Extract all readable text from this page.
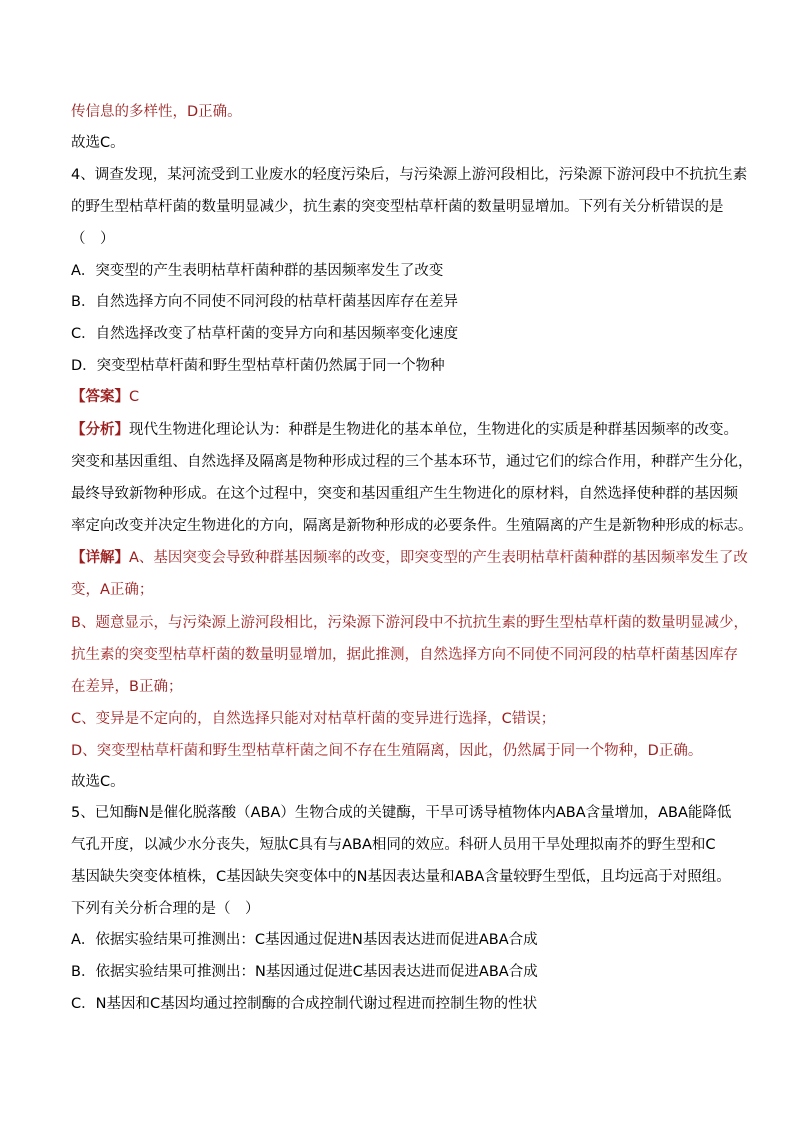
传信息的多样性，D正确。
故选C。
4、调查发现，某河流受到工业废水的轻度污染后，与污染源上游河段相比，污染源下游河段中不抗抗生素
的野生型枯草杆菌的数量明显减少，抗生素的突变型枯草杆菌的数量明显增加。下列有关分析错误的是
（　）
A．突变型的产生表明枯草杆菌种群的基因频率发生了改变
B．自然选择方向不同使不同河段的枯草杆菌基因库存在差异
C．自然选择改变了枯草杆菌的变异方向和基因频率变化速度
D．突变型枯草杆菌和野生型枯草杆菌仍然属于同一个物种
【答案】C
【分析】现代生物进化理论认为：种群是生物进化的基本单位，生物进化的实质是种群基因频率的改变。
突变和基因重组、自然选择及隔离是物种形成过程的三个基本环节，通过它们的综合作用，种群产生分化，
最终导致新物种形成。在这个过程中，突变和基因重组产生生物进化的原材料，自然选择使种群的基因频
率定向改变并决定生物进化的方向，隔离是新物种形成的必要条件。生殖隔离的产生是新物种形成的标志。
【详解】A、基因突变会导致种群基因频率的改变，即突变型的产生表明枯草杆菌种群的基因频率发生了改
变，A正确；
B、题意显示，与污染源上游河段相比，污染源下游河段中不抗抗生素的野生型枯草杆菌的数量明显减少，
抗生素的突变型枯草杆菌的数量明显增加，据此推测，自然选择方向不同使不同河段的枯草杆菌基因库存
在差异，B正确；
C、变异是不定向的，自然选择只能对对枯草杆菌的变异进行选择，C错误；
D、突变型枯草杆菌和野生型枯草杆菌之间不存在生殖隔离，因此，仍然属于同一个物种，D正确。
故选C。
5、已知酶N是催化脱落酸（ABA）生物合成的关键酶，干旱可诱导植物体内ABA含量增加，ABA能降低
气孔开度，以减少水分丧失，短肽C具有与ABA相同的效应。科研人员用干旱处理拟南芥的野生型和C
基因缺失突变体植株，C基因缺失突变体中的N基因表达量和ABA含量较野生型低，且均远高于对照组。
下列有关分析合理的是（　）
A．依据实验结果可推测出：C基因通过促进N基因表达进而促进ABA合成
B．依据实验结果可推测出：N基因通过促进C基因表达进而促进ABA合成
C．N基因和C基因均通过控制酶的合成控制代谢过程进而控制生物的性状
